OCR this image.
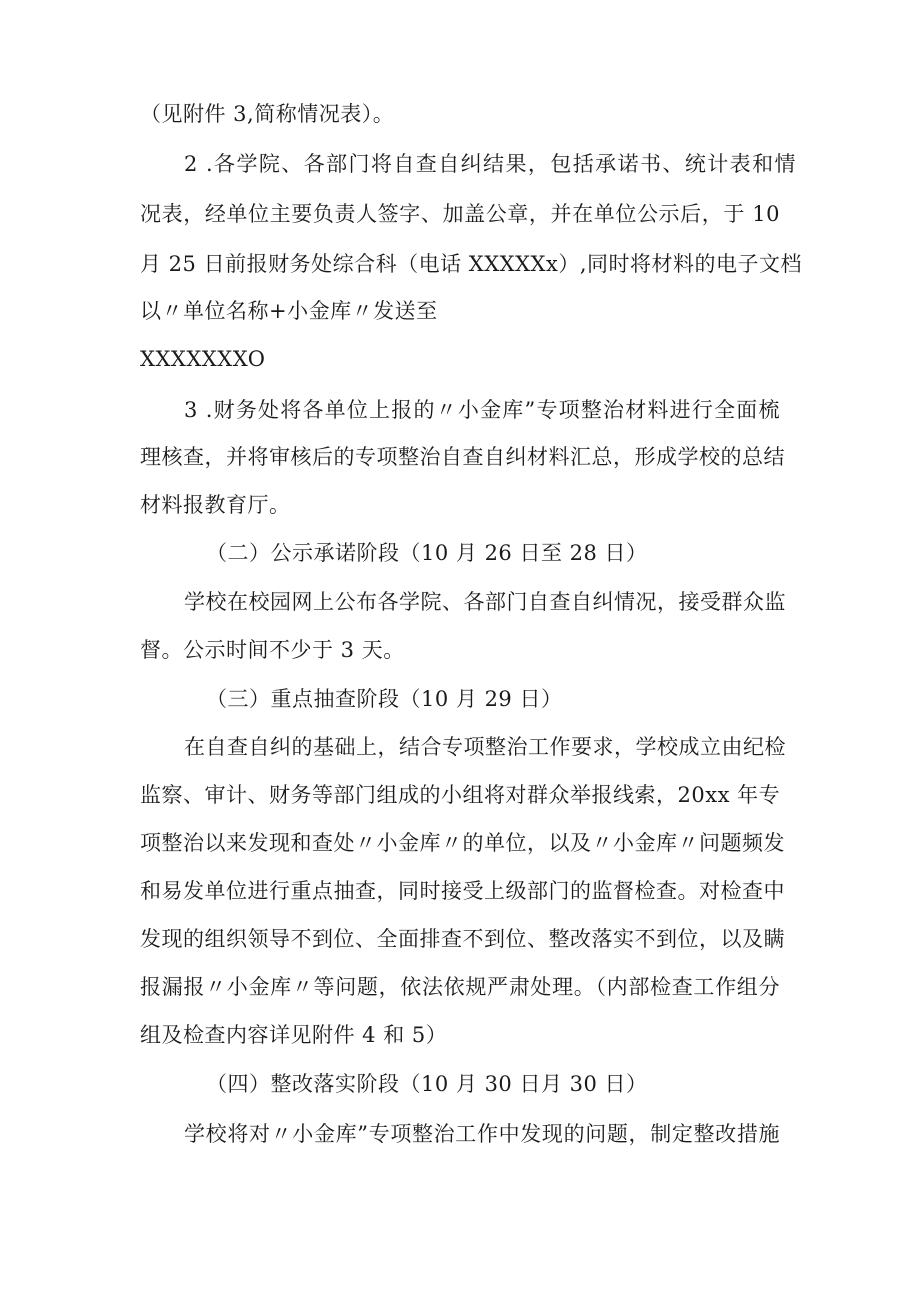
（见附件 3,简称情况表）。
2 .各学院、各部门将自查自纠结果，包括承诺书、统计表和情
况表，经单位主要负责人签字、加盖公章，并在单位公示后，于 10
月 25 日前报财务处综合科（电话 XXXXXx）,同时将材料的电子文档
以〃单位名称+小金库〃发送至
XXXXXXXO
3 .财务处将各单位上报的〃小金库”专项整治材料进行全面梳
理核查，并将审核后的专项整治自查自纠材料汇总，形成学校的总结
材料报教育厅。
（二）公示承诺阶段（10 月 26 日至 28 日）
学校在校园网上公布各学院、各部门自查自纠情况，接受群众监
督。公示时间不少于 3 天。
（三）重点抽查阶段（10 月 29 日）
在自查自纠的基础上，结合专项整治工作要求，学校成立由纪检
监察、审计、财务等部门组成的小组将对群众举报线索，20xx 年专
项整治以来发现和查处〃小金库〃的单位，以及〃小金库〃问题频发
和易发单位进行重点抽查，同时接受上级部门的监督检查。对检查中
发现的组织领导不到位、全面排查不到位、整改落实不到位，以及瞒
报漏报〃小金库〃等问题，依法依规严肃处理。（内部检查工作组分
组及检查内容详见附件 4 和 5）
（四）整改落实阶段（10 月 30 日月 30 日）
学校将对〃小金库”专项整治工作中发现的问题，制定整改措施
